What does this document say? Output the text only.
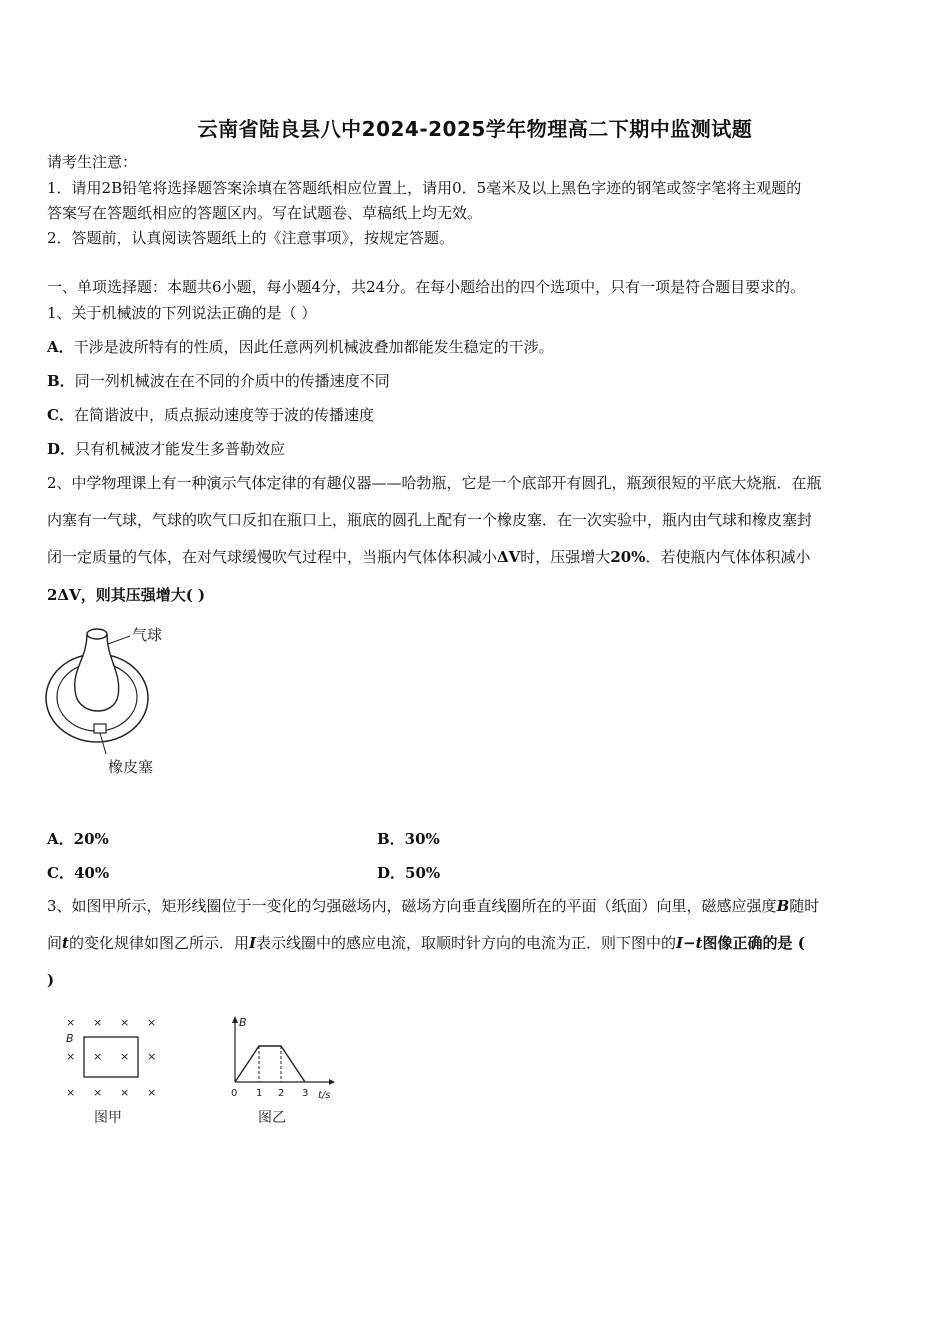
云南省陆良县八中2024-2025学年物理高二下期中监测试题
请考生注意：
1．请用2B铅笔将选择题答案涂填在答题纸相应位置上，请用0．5毫米及以上黑色字迹的钢笔或签字笔将主观题的
答案写在答题纸相应的答题区内。写在试题卷、草稿纸上均无效。
2．答题前，认真阅读答题纸上的《注意事项》，按规定答题。
一、单项选择题：本题共6小题，每小题4分，共24分。在每小题给出的四个选项中，只有一项是符合题目要求的。
1、关于机械波的下列说法正确的是（ ）
A．干涉是波所特有的性质，因此任意两列机械波叠加都能发生稳定的干涉。
B．同一列机械波在在不同的介质中的传播速度不同
C．在简谐波中，质点振动速度等于波的传播速度
D．只有机械波才能发生多普勒效应
2、中学物理课上有一种演示气体定律的有趣仪器——哈勃瓶，它是一个底部开有圆孔，瓶颈很短的平底大烧瓶．在瓶
内塞有一气球，气球的吹气口反扣在瓶口上，瓶底的圆孔上配有一个橡皮塞．在一次实验中，瓶内由气球和橡皮塞封
闭一定质量的气体，在对气球缓慢吹气过程中，当瓶内气体体积减小ΔV时，压强增大20%．若使瓶内气体体积减小
2ΔV，则其压强增大( )
气球
橡皮塞
A．20%	B．30%
C．40%	D．50%
3、如图甲所示，矩形线圈位于一变化的匀强磁场内，磁场方向垂直线圈所在的平面（纸面）向里，磁感应强度B随时
间t的变化规律如图乙所示．用I表示线圈中的感应电流，取顺时针方向的电流为正．则下图中的I−t图像正确的是 (
)
× × × ×
× × × ×
× × × ×
B
图甲
B
0 1 2 3 t/s
图乙
